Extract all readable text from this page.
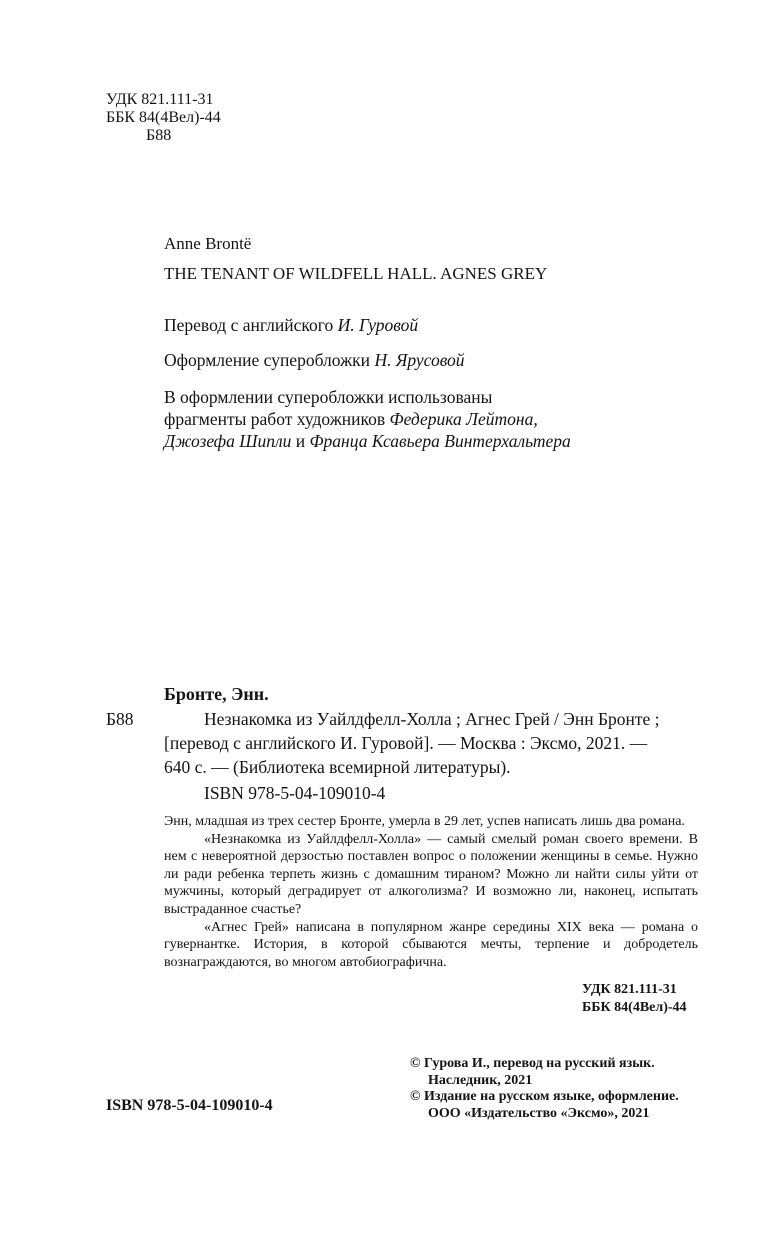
УДК 821.111-31
ББК 84(4Вел)-44
Б88
Anne Brontё
THE TENANT OF WILDFELL HALL. AGNES GREY
Перевод с английского И. Гуровой
Оформление суперобложки Н. Ярусовой
В оформлении суперобложки использованы
фрагменты работ художников Федерика Лейтона,
Джозефа Шипли и Франца Ксавьера Винтерхальтера
Бронте, Энн.
Б88	Незнакомка из Уайлдфелл-Холла ; Агнес Грей / Энн Бронте ;
[перевод с английского И. Гуровой]. — Москва : Эксмо, 2021. —
640 с. — (Библиотека всемирной литературы).
ISBN 978-5-04-109010-4

Энн, младшая из трех сестер Бронте, умерла в 29 лет, успев написать лишь два романа.

«Незнакомка из Уайлдфелл-Холла» — самый смелый роман своего времени. В нем с невероятной дерзостью поставлен вопрос о положении женщины в семье. Нужно ли ради ребенка терпеть жизнь с домашним тираном? Можно ли найти силы уйти от мужчины, который деградирует от алкоголизма? И возможно ли, наконец, испытать выстраданное счастье?

«Агнес Грей» написана в популярном жанре середины XIX века — романа о гувернантке. История, в которой сбываются мечты, терпение и добродетель вознаграждаются, во многом автобиографична.

УДК 821.111-31
ББК 84(4Вел)-44
© Гурова И., перевод на русский язык.
Наследник, 2021
© Издание на русском языке, оформление.
ООО «Издательство «Эксмо», 2021
ISBN 978-5-04-109010-4
